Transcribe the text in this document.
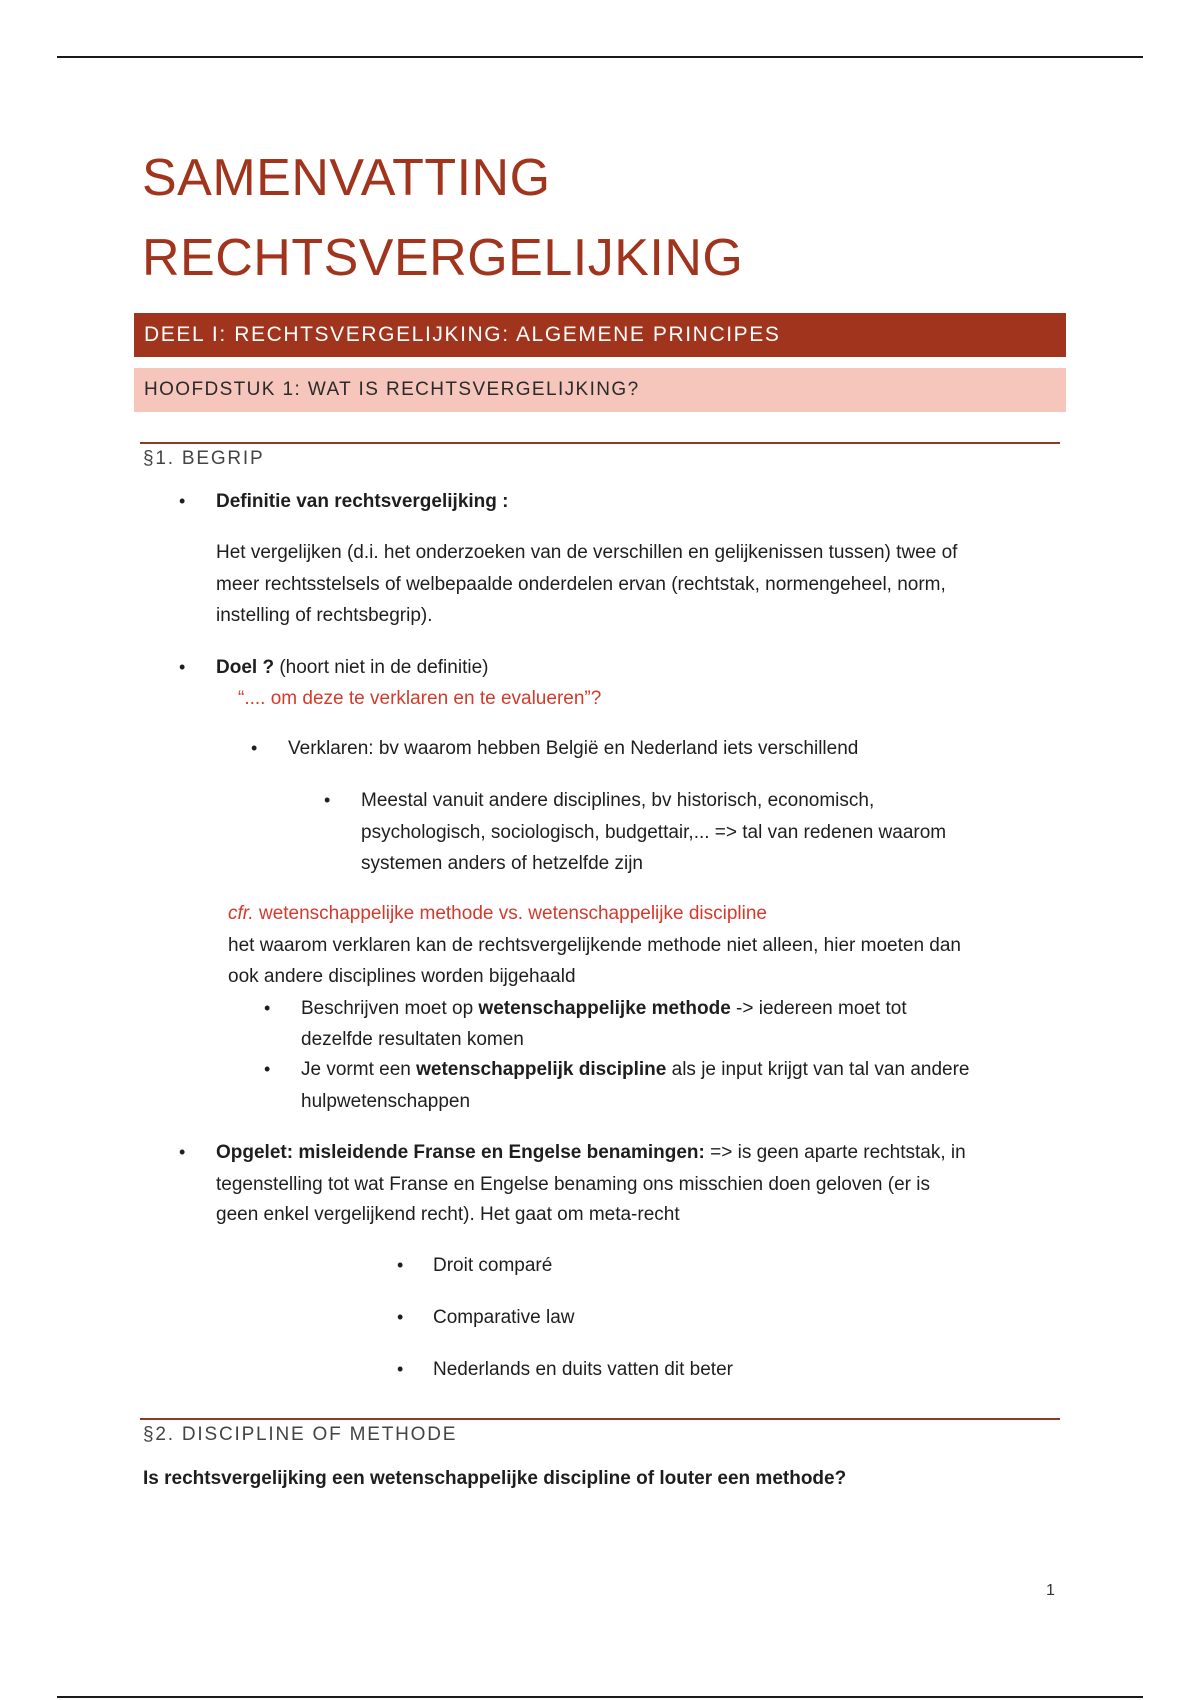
SAMENVATTING
RECHTSVERGELIJKING
DEEL I: RECHTSVERGELIJKING: ALGEMENE PRINCIPES
HOOFDSTUK 1: WAT IS RECHTSVERGELIJKING?
§1. BEGRIP
• Definitie van rechtsvergelijking :
Het vergelijken (d.i. het onderzoeken van de verschillen en gelijkenissen tussen) twee of
meer rechtsstelsels of welbepaalde onderdelen ervan (rechtstak, normengeheel, norm,
instelling of rechtsbegrip).
• Doel ? (hoort niet in de definitie)
“.... om deze te verklaren en te evalueren”?
• Verklaren: bv waarom hebben België en Nederland iets verschillend
• Meestal vanuit andere disciplines, bv historisch, economisch,
psychologisch, sociologisch, budgettair,... => tal van redenen waarom
systemen anders of hetzelfde zijn
cfr. wetenschappelijke methode vs. wetenschappelijke discipline
het waarom verklaren kan de rechtsvergelijkende methode niet alleen, hier moeten dan
ook andere disciplines worden bijgehaald
• Beschrijven moet op wetenschappelijke methode -> iedereen moet tot
dezelfde resultaten komen
• Je vormt een wetenschappelijk discipline als je input krijgt van tal van andere
hulpwetenschappen
• Opgelet: misleidende Franse en Engelse benamingen: => is geen aparte rechtstak, in
tegenstelling tot wat Franse en Engelse benaming ons misschien doen geloven (er is
geen enkel vergelijkend recht). Het gaat om meta-recht
• Droit comparé
• Comparative law
• Nederlands en duits vatten dit beter
§2. DISCIPLINE OF METHODE
Is rechtsvergelijking een wetenschappelijke discipline of louter een methode?
1
